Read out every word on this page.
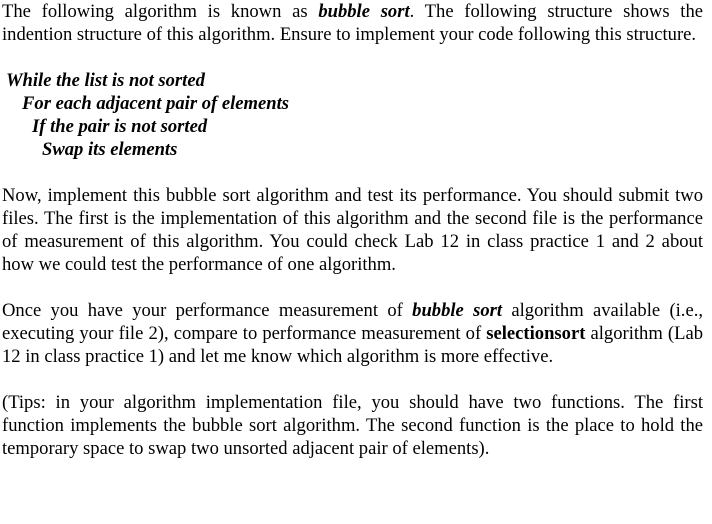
The following algorithm is known as bubble sort. The following structure shows the indention structure of this algorithm. Ensure to implement your code following this structure.

While the list is not sorted
For each adjacent pair of elements
If the pair is not sorted
Swap its elements

Now, implement this bubble sort algorithm and test its performance. You should submit two files. The first is the implementation of this algorithm and the second file is the performance of measurement of this algorithm. You could check Lab 12 in class practice 1 and 2 about how we could test the performance of one algorithm.

Once you have your performance measurement of bubble sort algorithm available (i.e., executing your file 2), compare to performance measurement of selectionsort algorithm (Lab 12 in class practice 1) and let me know which algorithm is more effective.

(Tips: in your algorithm implementation file, you should have two functions. The first function implements the bubble sort algorithm. The second function is the place to hold the temporary space to swap two unsorted adjacent pair of elements).
